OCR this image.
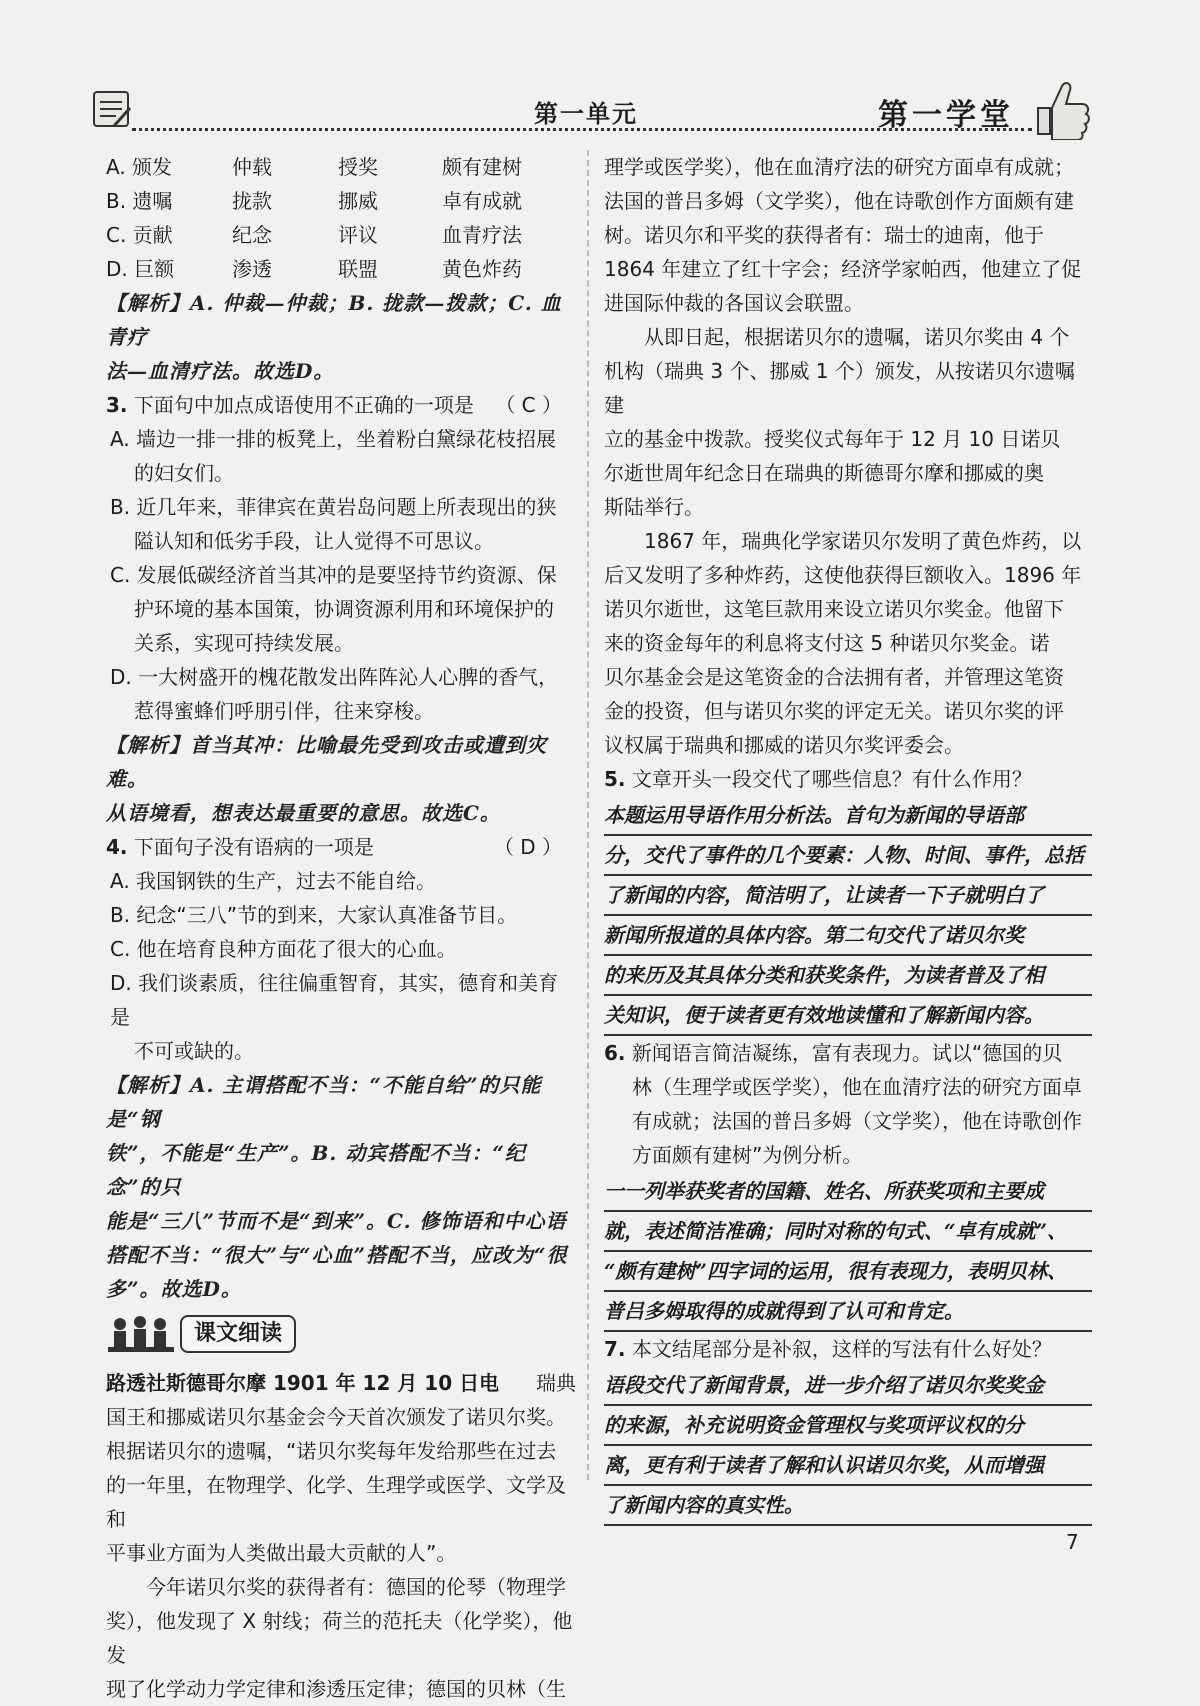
第一单元	第一学堂
A. 颁发	仲载	授奖	颇有建树
B. 遗嘱	拢款	挪威	卓有成就
C. 贡献	纪念	评议	血青疗法
D. 巨额	渗透	联盟	黄色炸药
【解析】A. 仲裁—仲裁；B. 拢款—拨款；C. 血青疗
法—血清疗法。故选D。
3. 下面句中加点成语使用不正确的一项是 （ C ）
A. 墙边一排一排的板凳上，坐着粉白黛绿花枝招展
的妇女们。
B. 近几年来，菲律宾在黄岩岛问题上所表现出的狭
隘认知和低劣手段，让人觉得不可思议。
C. 发展低碳经济首当其冲的是要坚持节约资源、保
护环境的基本国策，协调资源利用和环境保护的
关系，实现可持续发展。
D. 一大树盛开的槐花散发出阵阵沁人心脾的香气，
惹得蜜蜂们呼朋引伴，往来穿梭。
【解析】首当其冲：比喻最先受到攻击或遭到灾难。
从语境看，想表达最重要的意思。故选C。
4. 下面句子没有语病的一项是	（ D ）
A. 我国钢铁的生产，过去不能自给。
B. 纪念“三八”节的到来，大家认真准备节目。
C. 他在培育良种方面花了很大的心血。
D. 我们谈素质，往往偏重智育，其实，德育和美育是
不可或缺的。
【解析】A. 主谓搭配不当：“不能自给”的只能是“钢
铁”，不能是“生产”。B. 动宾搭配不当：“纪念”的只
能是“三八”节而不是“到来”。C. 修饰语和中心语
搭配不当：“很大”与“心血”搭配不当，应改为“很
多”。故选D。
课文细读
路透社斯德哥尔摩 1901 年 12 月 10 日电 瑞典
国王和挪威诺贝尔基金会今天首次颁发了诺贝尔奖。
根据诺贝尔的遗嘱，“诺贝尔奖每年发给那些在过去
的一年里，在物理学、化学、生理学或医学、文学及和
平事业方面为人类做出最大贡献的人”。
今年诺贝尔奖的获得者有：德国的伦琴（物理学
奖），他发现了 X 射线；荷兰的范托夫（化学奖），他发
现了化学动力学定律和渗透压定律；德国的贝林（生
理学或医学奖），他在血清疗法的研究方面卓有成就；
法国的普吕多姆（文学奖），他在诗歌创作方面颇有建
树。诺贝尔和平奖的获得者有：瑞士的迪南，他于
1864 年建立了红十字会；经济学家帕西，他建立了促
进国际仲裁的各国议会联盟。
从即日起，根据诺贝尔的遗嘱，诺贝尔奖由 4 个
机构（瑞典 3 个、挪威 1 个）颁发，从按诺贝尔遗嘱建
立的基金中拨款。授奖仪式每年于 12 月 10 日诺贝
尔逝世周年纪念日在瑞典的斯德哥尔摩和挪威的奥
斯陆举行。
1867 年，瑞典化学家诺贝尔发明了黄色炸药，以
后又发明了多种炸药，这使他获得巨额收入。1896 年
诺贝尔逝世，这笔巨款用来设立诺贝尔奖金。他留下
来的资金每年的利息将支付这 5 种诺贝尔奖金。诺
贝尔基金会是这笔资金的合法拥有者，并管理这笔资
金的投资，但与诺贝尔奖的评定无关。诺贝尔奖的评
议权属于瑞典和挪威的诺贝尔奖评委会。
5. 文章开头一段交代了哪些信息？有什么作用？
本题运用导语作用分析法。首句为新闻的导语部
分，交代了事件的几个要素：人物、时间、事件，总括
了新闻的内容，简洁明了，让读者一下子就明白了
新闻所报道的具体内容。第二句交代了诺贝尔奖
的来历及其具体分类和获奖条件，为读者普及了相
关知识，便于读者更有效地读懂和了解新闻内容。
6. 新闻语言简洁凝练，富有表现力。试以“德国的贝
林（生理学或医学奖），他在血清疗法的研究方面卓
有成就；法国的普吕多姆（文学奖），他在诗歌创作
方面颇有建树”为例分析。
一一列举获奖者的国籍、姓名、所获奖项和主要成
就，表述简洁准确；同时对称的句式、“卓有成就”、
“颇有建树”四字词的运用，很有表现力，表明贝林、
普吕多姆取得的成就得到了认可和肯定。
7. 本文结尾部分是补叙，这样的写法有什么好处？
语段交代了新闻背景，进一步介绍了诺贝尔奖奖金
的来源，补充说明资金管理权与奖项评议权的分
离，更有利于读者了解和认识诺贝尔奖，从而增强
了新闻内容的真实性。
7
